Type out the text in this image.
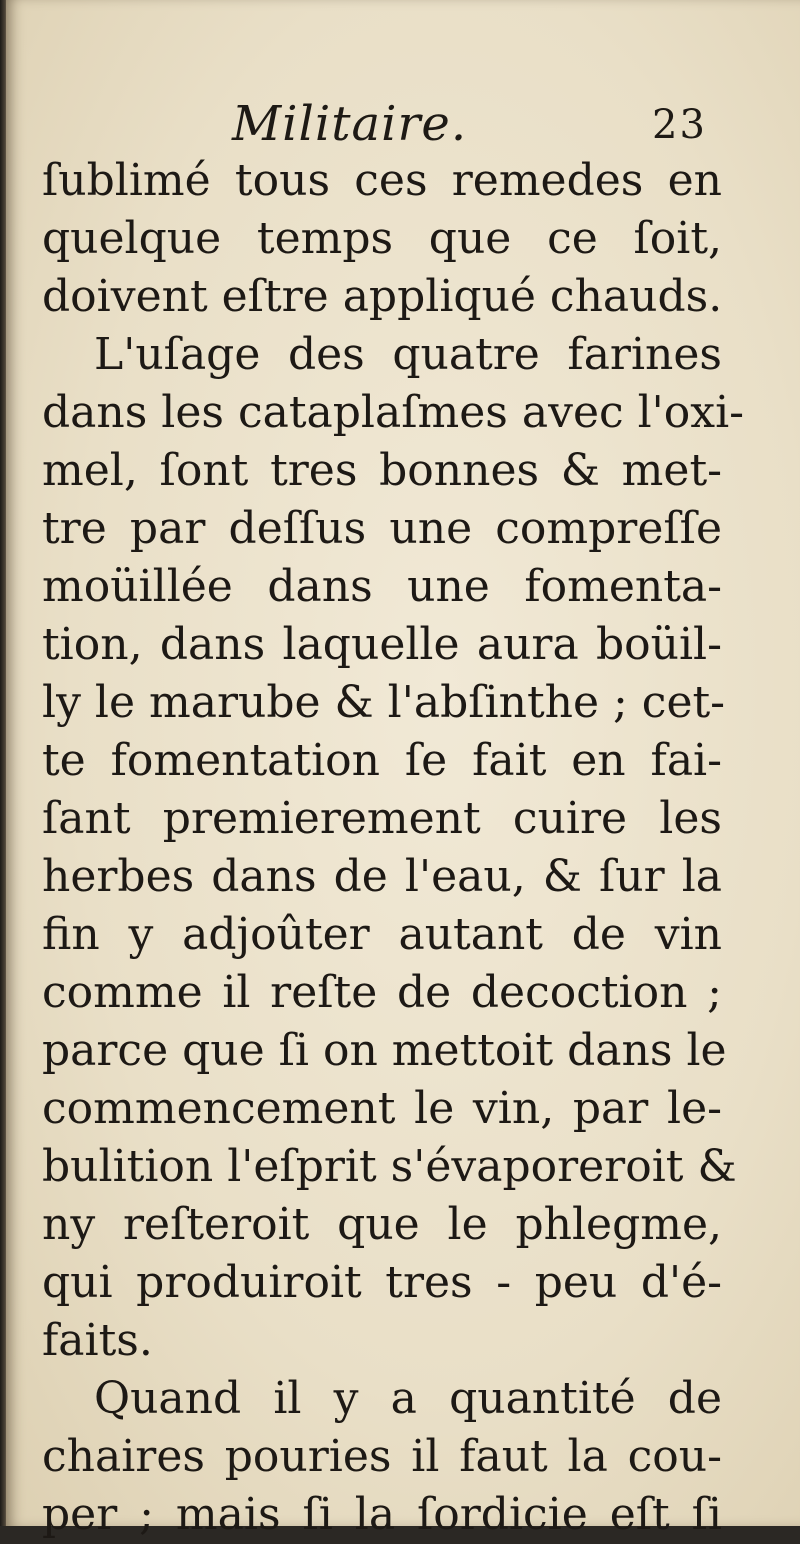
Militaire.	23
ſublimé tous ces remedes en
quelque temps que ce ſoit,
doivent eſtre appliqué chauds.
L'uſage des quatre farines
dans les cataplaſmes avec l'oxi-
mel, ſont tres bonnes & met-
tre par deſſus une compreſſe
moüillée dans une fomenta-
tion, dans laquelle aura boüil-
ly le marube & l'abſinthe ; cet-
te fomentation ſe fait en fai-
ſant premierement cuire les
herbes dans de l'eau, & ſur la
fin y adjoûter autant de vin
comme il reſte de decoction ;
parce que ſi on mettoit dans le
commencement le vin, par le-
bulition l'eſprit s'évaporeroit &
ny reſteroit que le phlegme,
qui produiroit tres - peu d'é-
faits.
Quand il y a quantité de
chaires pouries il faut la cou-
per ; mais ſi la ſordicie eſt ſi
